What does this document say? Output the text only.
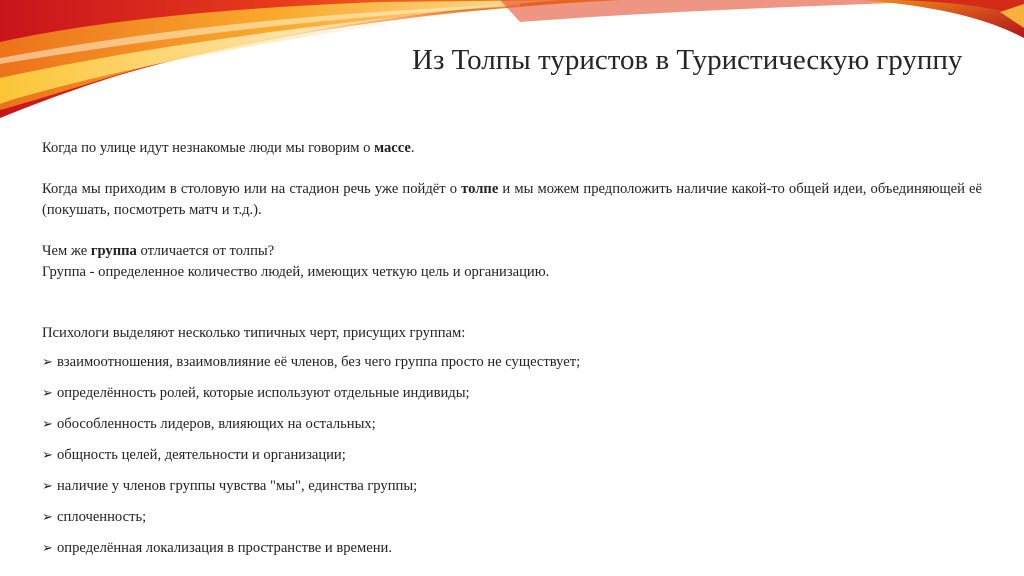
Из Толпы туристов в Туристическую группу

Когда по улице идут незнакомые люди мы говорим о массе.

Когда мы приходим в столовую или на стадион речь уже пойдёт о толпе и мы можем предположить наличие какой-то общей идеи, объединяющей её (покушать, посмотреть матч и т.д.).

Чем же группа отличается от толпы?
Группа - определенное количество людей, имеющих четкую цель и организацию.
Психологи выделяют несколько типичных черт, присущих группам:
➢ взаимоотношения, взаимовлияние её членов, без чего группа просто не существует;
➢ определённость ролей, которые используют отдельные индивиды;
➢ обособленность лидеров, влияющих на остальных;
➢ общность целей, деятельности и организации;
➢ наличие у членов группы чувства "мы", единства группы;
➢ сплоченность;
➢ определённая локализация в пространстве и времени.
